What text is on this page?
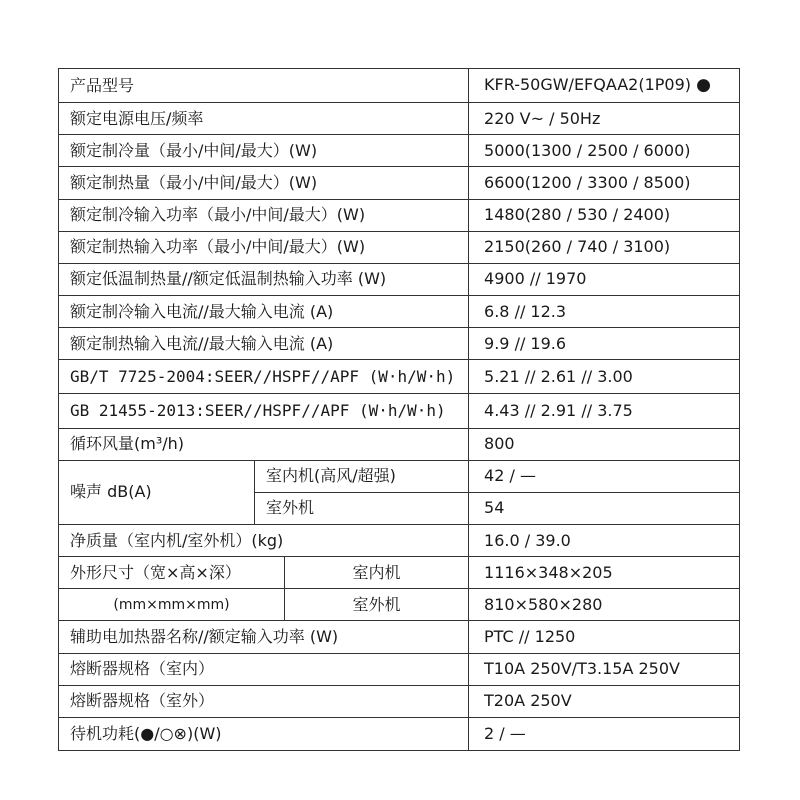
产品型号			KFR-50GW/EFQAA2(1P09) ●
额定电源电压/频率			220 V~ / 50Hz
额定制冷量（最小/中间/最大）(W)			5000(1300 / 2500 / 6000)
额定制热量（最小/中间/最大）(W)			6600(1200 / 3300 / 8500)
额定制冷输入功率（最小/中间/最大）(W)			1480(280 / 530 / 2400)
额定制热输入功率（最小/中间/最大）(W)			2150(260 / 740 / 3100)
额定低温制热量//额定低温制热输入功率 (W)			4900 // 1970
额定制冷输入电流//最大输入电流 (A)			6.8 // 12.3
额定制热输入电流//最大输入电流 (A)			9.9 // 19.6
GB/T 7725-2004:SEER//HSPF//APF (W·h/W·h)			5.21 // 2.61 // 3.00
GB 21455-2013:SEER//HSPF//APF (W·h/W·h)			4.43 // 2.91 // 3.75
循环风量(m³/h)			800
噪声 dB(A)	室内机(高风/超强)		42 / —
	室外机		54
净质量（室内机/室外机）(kg)			16.0 / 39.0
外形尺寸（宽×高×深）		室内机	1116×348×205
(mm×mm×mm)		室外机	810×580×280
辅助电加热器名称//额定输入功率 (W)			PTC // 1250
熔断器规格（室内）			T10A 250V/T3.15A 250V
熔断器规格（室外）			T20A 250V
待机功耗(●/○⊗)(W)			2 / —
